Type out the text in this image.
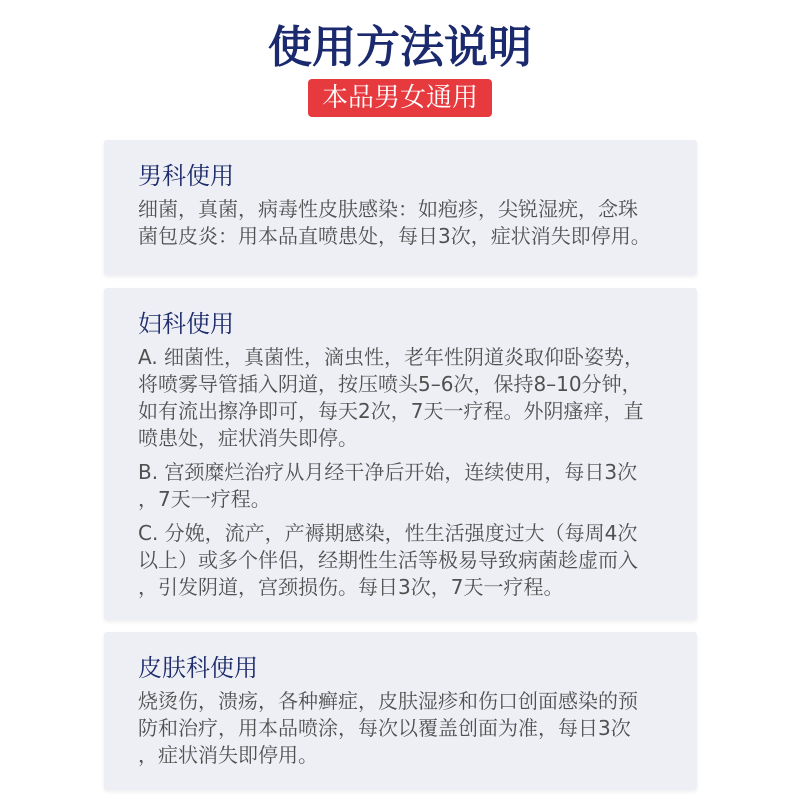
使用方法说明
本品男女通用
男科使用
细菌，真菌，病毒性皮肤感染：如疱疹，尖锐湿疣，念珠
菌包皮炎：用本品直喷患处，每日3次，症状消失即停用。
妇科使用
A. 细菌性，真菌性，滴虫性，老年性阴道炎取仰卧姿势，
将喷雾导管插入阴道，按压喷头5–6次，保持8–10分钟，
如有流出擦净即可，每天2次，7天一疗程。外阴瘙痒，直
喷患处，症状消失即停。
B. 宫颈糜烂治疗从月经干净后开始，连续使用，每日3次
，7天一疗程。
C. 分娩，流产，产褥期感染，性生活强度过大（每周4次
以上）或多个伴侣，经期性生活等极易导致病菌趁虚而入
，引发阴道，宫颈损伤。每日3次，7天一疗程。
皮肤科使用
烧烫伤，溃疡，各种癣症，皮肤湿疹和伤口创面感染的预
防和治疗，用本品喷涂，每次以覆盖创面为准，每日3次
，症状消失即停用。
